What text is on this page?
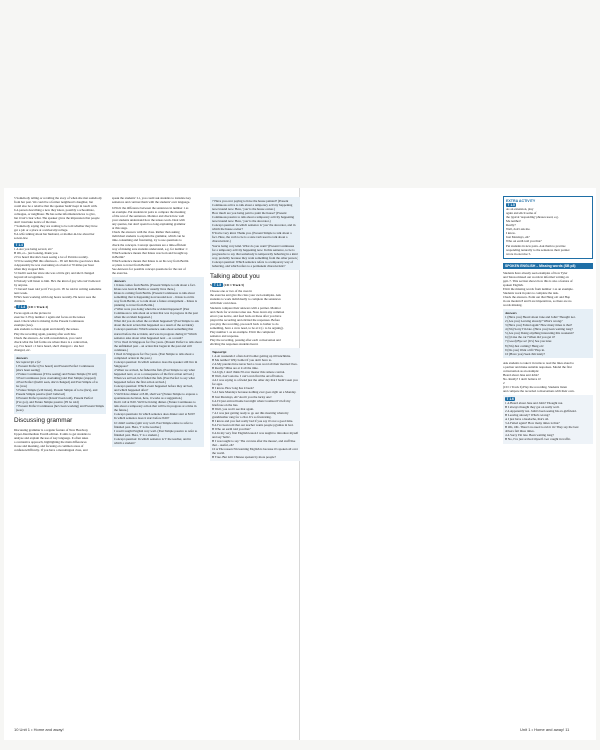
5 Somebody telling or recalling the story of when she met somebody
from her past. We could be a former neighbour's daughter, but
could also be a relative that the speaker hadn't kept in touch with.
6 A person describing a new they know, possibly a schoolmate,
colleague, or neighbour. He has some information/news to give,
but it isn't clear what. The speaker gives the impression that people
don't trust/take notice of the man.
7 Somebody saying they are waiting to be told whether they have
got a job or a place at a university/college.
8 A wife talking about her husband, or mother-in-law about her
son-in-law.
T 1.4
1 A Are you being served, sir?
B Oh, er... just looking, thank you.
2 I've heard that she's been seeing a lot of Patrick recently.
3 I'll be seeing Bill this afternoon – I'll tell him the good news then.
4 Apparently he was overtaking on a bend at 70 miles per hour
when they stopped him.
5 I hadn't seen her since she was a little girl, and she'd changed
beyond all recognition.
6 Nobody will listen to him. He's the kind of guy who isn't believed
by anyone.
7 I haven't been told yet if I've got it. I'll be told in writing sometime
next week.
8 He's been working with long hours recently. He never sees the
children.
4 T 1.4 (CD 1 Track 4)
Focus again on the picture in
exercise 3. Play number 1 again and focus on the tenses
used. Check what is missing in the Present Continuous
example (Are).
Ask students to listen again and identify the tenses.
Play the recording again, pausing after each line.
Check the answers. As with consolidation, you could
check what the full forms are where there is a contraction,
e.g. I've heard = I have heard, she'd changed = she had
changed, etc.
Answers
See tapescript 4 for
1 Present Perfect (I've heard) and Present Perfect Continuous
(she's been seeing)
2 Future Continuous (I'll be seeing) and Future Simple (I'll tell)
3 Past Continuous (was overtaking) and Past Simple (stopped)
4 Past Perfect (hadn't seen, she'd changed) and Past Simple of to
be (was)
5 Future Simple (will listen), Present Simple of to be (he's), and
Present Simple passive (isn't believed)
6 Present Perfect passive (haven't been told), Present Perfect
(I've got), and Future Simple passive (I'll be told)
7 Present Perfect Continuous (he's been working) and Present Simple
(sees)
Discussing grammar
Discussing grammar is a regular feature of New Headway
Upper-Intermediate Fourth edition. It aims to get students to
analyse and explain the use of key language. It often takes
a contrastive approach, highlighting the main differences
in use and meaning, and focusing on common areas of
confusion/difficulty. If you have a monolingual class, and
speak the students' L1, you could ask students to translate key
sentences and contrast them with the students' own language.
6 Elicit the difference between the sentences in number 1 as
an example. Put students in pairs to compare the meaning
of the rest of the sentences. Monitor and check how well
your students understand how the tenses work. Deal with
any queries, but don't spend too long explaining grammar
at this stage.
Check the answers with the class. Rather than asking
individual students to explain the grammar, which can be
time-consuming and frustrating, try to use questions to
check the concepts. Concept questions are a time-efficient
way of making sure students understand, e.g. for number 1:
Which sentence means that Klaus was born and brought up
in Berlin?
Which sentence means that Klaus is on his way from Berlin
or plans to travel from Berlin?
See Answers for possible concept questions for the rest of
the exercise.
Answers
1 Klaus comes from Berlin. (Present Simple to talk about a fact.
Klaus was born in Berlin or usually lives there.)
Klaus is coming from Berlin. (Present Continuous to talk about
something that is happening now/around now – Klaus is on his
way from Berlin, or to talk about a future arrangement – Klaus is
planning to travel from Berlin.)
2 What were you doing when the accident happened? (Past
Continuous to talk about an action that was in progress in the past
when the accident happened.)
What did you do when the accident happened? (Past Simple to ask
about the next action that happened as a result of the accident)
Concept questions: Which sentence asks about something that
started before the accident, and was in progress during it? Which
sentence asks about what happened next – as a result?
3 I've lived in Singapore for five years. (Present Perfect to talk about
the unfinished past – an action that began in the past and still
continues.)
I lived in Singapore for five years. (Past Simple to talk about a
completed action in the past.)
Concept question: In which sentence does the speaker still live in
Singapore?
4 When we arrived, he fished the fish. (Past Simple to say what
happened next, or as a consequence of the first action arrived.)
When we arrived, he'd fished the fish. (Past Perfect to say what
happened before the first action arrived.)
Concept question: Which event happened before they arrived,
and which happened after?
5 We'll have dinner at 8.00, shall we? (Future Simple to express a
spontaneous decision, here, it works as a suggestion.)
Don't call at 8.00. We'll be having dinner. (Future Continuous to
talk about a temporary action that will be in progress at a time in
the future.)
Concept questions: In which sentence does dinner start at 8.00?
In which sentence does it start before 8.00?
6 I didn't realize (split very well. Past Simple entire to refer to
finished past. Here, 'I' is the teacher.)
I wasn't taught English very well. (Past Simple passive to refer to
finished past. Here, 'I' is a student.)
Concept question: In which sentence is 'I' the teacher, and in
which a student?
7 Have you ever paying to have the house painted? (Present
Continuous active to talk about a temporary activity happening
now/around now. Here, 'you' is the house owner.)
How much are you being paid to paint the house? (Present
Continuous passive to talk about a temporary activity happening
now/around now. Here, 'you' is the decorator.)
Concept question: In which sentence is 'you' the decorator, and in
which the house owner?
8 You're very kind. Thank you. (Present Simple to talk about a
fact. Here, the verb to be is a state verb used to talk about a
characteristic.)
You're being very kind. What do you want? (Present Continuous
for a temporary activity happening now. In this sentence, to be is
progressive to say that somebody is temporarily behaving in a kind
way, probably because they want something from the other person.)
Concept question: Which sentence refers to a temporary way of
behaving, and which refers to a permanent characteristic?
Talking about you
5 T 1.5 (CD 1 Track 5)
Choose one or two of the cues in
the exercise and give the class your own examples. Ask
students to work individually to complete the sentences
with their own ideas.
Students compare their answers with a partner. Monitor
and check for accurate tense use. Note down any common
errors you notice, and feed back on these after you have
played the recording and elicited the responses. Before
you play the recording, pre-teach back to bother to do
something, have a crew need, to be at it (= to be arguing).
Play number 1 as an example. Elicit the completed
sentence and response.
Play the recording, pausing after each conversation and
eliciting the responses students heard.
Tapescript
1 A At weekends I often don't bother getting up till lunchtime.
B Me neither! Why bother if you don't have to.
2 A My parents have never had a cross word all their married lives.
B Really? Mine are at it all the time.
3 A Ugh, I don't think I'll ever master this remote control.
B Well, don't ask me. I can't even find the on/off button.
4 A I was saying to a friend just the other day that I hadn't seen you
for ages.
B I know. How long has it been?
5 A I hate Mondays because nothing ever goes right on a Monday.
B Just Mondays, eh? Aren't you the lucky one!
6 A I'd just arrived home last night when I realized I'd left my
briefcase on the bus.
B Well, you won't see that again.
7 A I was just getting ready to go out this morning when my
grandmother rang for a chat. It's so frustrating.
B I know and you feel really bad if you say it's not a good time.
8 A I've been told that our teacher wants people pyjamas in bed.
B Who on earth told you that?
9 A In my very first English lesson I was taught to introduce myself
and say 'hello'.
B I was taught to say 'The cat runs after the mouse', and stuff like
that – useful, eh?
10 A The reason I'm learning English is because it's spoken all over
the world.
B True. But isn't Chinese spoken by more people?
EXTRA ACTIVITY
T 1.5
As an extension, play
again and elicit some of
the typical 'responding' phrases used, e.g.
Me neither!
Really?
Well, don't ask me.
I know.
Just Mondays, eh?
Who on earth told you that?
Put students in new pairs. Ask them to practise
responding naturally to the sentences their partner
wrote in exercise 5.
SPOKEN ENGLISH – Missing words (SB p8)
Students have already seen examples of how Tyler
and Teresa missed out words in informal writing on
pp6–7. This section shows how this is also a feature of
spoken English.
Elicit the missing words from number 1 as an example.
Students work in pairs to complete the task.
Check the answers. Point out that Hang on! and Hop
in are modern 8 and 9 are imperatives, so there are no
words missing.
Answers
1 (Have you) Heard about Jane and John? Thought not.
2 (Are you) Leaving already? What's wrong?
3 (Have you) Failed again? How many times is that?
4 (I'm) Sorry I'm late. (Have you) been waiting long?
5 (Are you) Doing anything interesting this weekend?
6 (I) Like the car! When did you get it?
7 (Good) Bye so! (It's) See you later.
8 (I'm) Just coming! Hang on!
9 (Do you) Want a lift? Hop in.
10 (Have you) Seen Jim lately?
Ask students to take it in turns to read the lines aloud to
a partner and make suitable responses. Model the first
conversation as an example:
Heard about Jane and John?
No. Really? I don't believe it!
2
(CD 1 Track 6) Play the recording. Students listen
and compare the recorded conversations with their own.
T 1.6
1 A Heard about Jane and John? Thought not.
B I always thought they got on really well.
2 A Apparently not. John's been seeing his ex-girlfriend.
B Leaving already? What's wrong?
A I just have a headache, that's all.
3 A Failed again? How many times is that?
B OK, OK. There's no need to rub it in! They say the best
drivers fail three times.
4 A Sorry I'm late. Been waiting long?
B No, I've just arrived myself. Got caught in traffic.
10 Unit 1 • Home and away!	Unit 1 • Home and away! 11
